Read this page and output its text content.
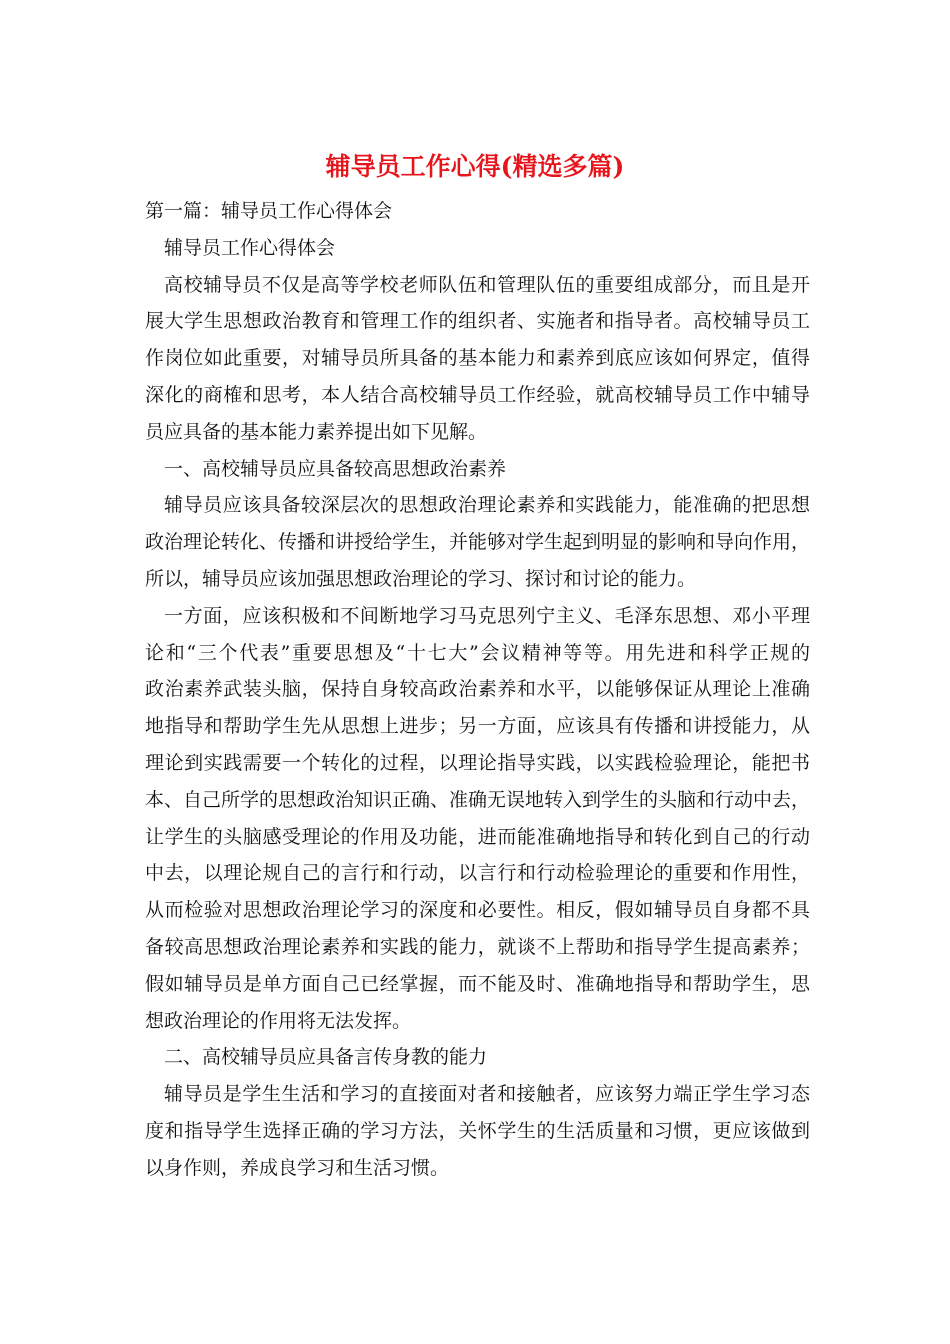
辅导员工作心得(精选多篇)
第一篇：辅导员工作心得体会
辅导员工作心得体会
高校辅导员不仅是高等学校老师队伍和管理队伍的重要组成部分，而且是开
展大学生思想政治教育和管理工作的组织者、实施者和指导者。高校辅导员工
作岗位如此重要，对辅导员所具备的基本能力和素养到底应该如何界定，值得
深化的商榷和思考，本人结合高校辅导员工作经验，就高校辅导员工作中辅导
员应具备的基本能力素养提出如下见解。
一、高校辅导员应具备较高思想政治素养
辅导员应该具备较深层次的思想政治理论素养和实践能力，能准确的把思想
政治理论转化、传播和讲授给学生，并能够对学生起到明显的影响和导向作用，
所以，辅导员应该加强思想政治理论的学习、探讨和讨论的能力。
一方面，应该积极和不间断地学习马克思列宁主义、毛泽东思想、邓小平理
论和“三个代表”重要思想及“十七大”会议精神等等。用先进和科学正规的
政治素养武装头脑，保持自身较高政治素养和水平，以能够保证从理论上准确
地指导和帮助学生先从思想上进步；另一方面，应该具有传播和讲授能力，从
理论到实践需要一个转化的过程，以理论指导实践，以实践检验理论，能把书
本、自己所学的思想政治知识正确、准确无误地转入到学生的头脑和行动中去，
让学生的头脑感受理论的作用及功能，进而能准确地指导和转化到自己的行动
中去，以理论规自己的言行和行动，以言行和行动检验理论的重要和作用性，
从而检验对思想政治理论学习的深度和必要性。相反，假如辅导员自身都不具
备较高思想政治理论素养和实践的能力，就谈不上帮助和指导学生提高素养；
假如辅导员是单方面自己已经掌握，而不能及时、准确地指导和帮助学生，思
想政治理论的作用将无法发挥。
二、高校辅导员应具备言传身教的能力
辅导员是学生生活和学习的直接面对者和接触者，应该努力端正学生学习态
度和指导学生选择正确的学习方法，关怀学生的生活质量和习惯，更应该做到
以身作则，养成良学习和生活习惯。
